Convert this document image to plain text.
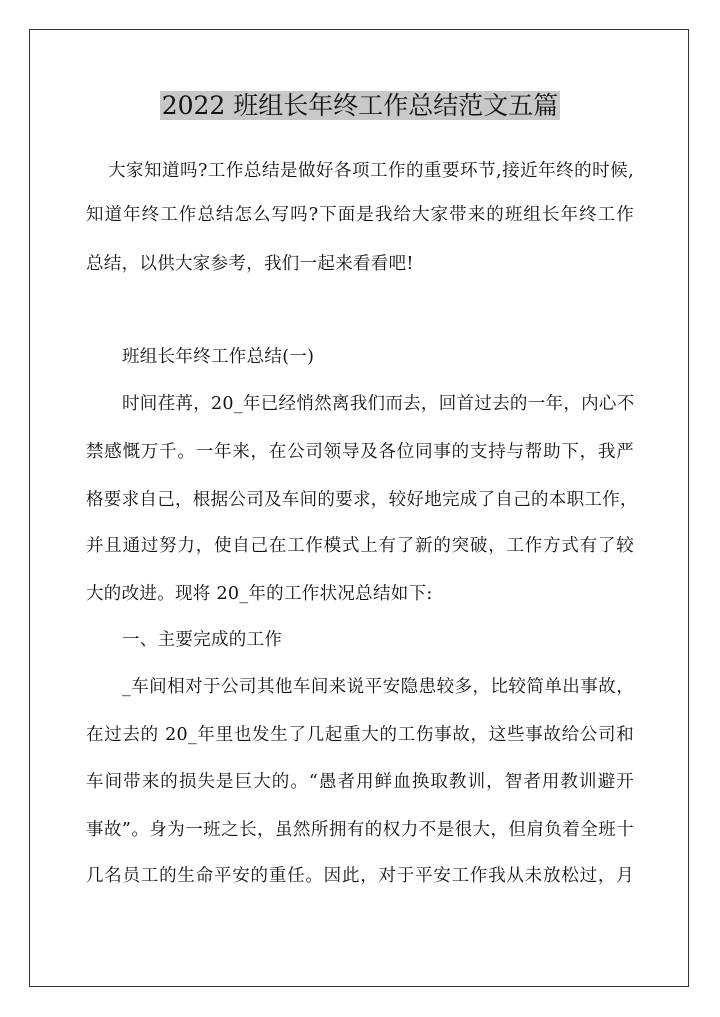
2022 班组长年终工作总结范文五篇
大家知道吗?工作总结是做好各项工作的重要环节,接近年终的时候,
知道年终工作总结怎么写吗?下面是我给大家带来的班组长年终工作
总结，以供大家参考，我们一起来看看吧!
班组长年终工作总结(一)
时间荏苒，20_年已经悄然离我们而去，回首过去的一年，内心不
禁感慨万千。一年来，在公司领导及各位同事的支持与帮助下，我严
格要求自己，根据公司及车间的要求，较好地完成了自己的本职工作，
并且通过努力，使自己在工作模式上有了新的突破，工作方式有了较
大的改进。现将 20_年的工作状况总结如下:
一、主要完成的工作
_车间相对于公司其他车间来说平安隐患较多，比较简单出事故，
在过去的 20_年里也发生了几起重大的工伤事故，这些事故给公司和
车间带来的损失是巨大的。“愚者用鲜血换取教训，智者用教训避开
事故”。身为一班之长，虽然所拥有的权力不是很大，但肩负着全班十
几名员工的生命平安的重任。因此，对于平安工作我从未放松过，月
